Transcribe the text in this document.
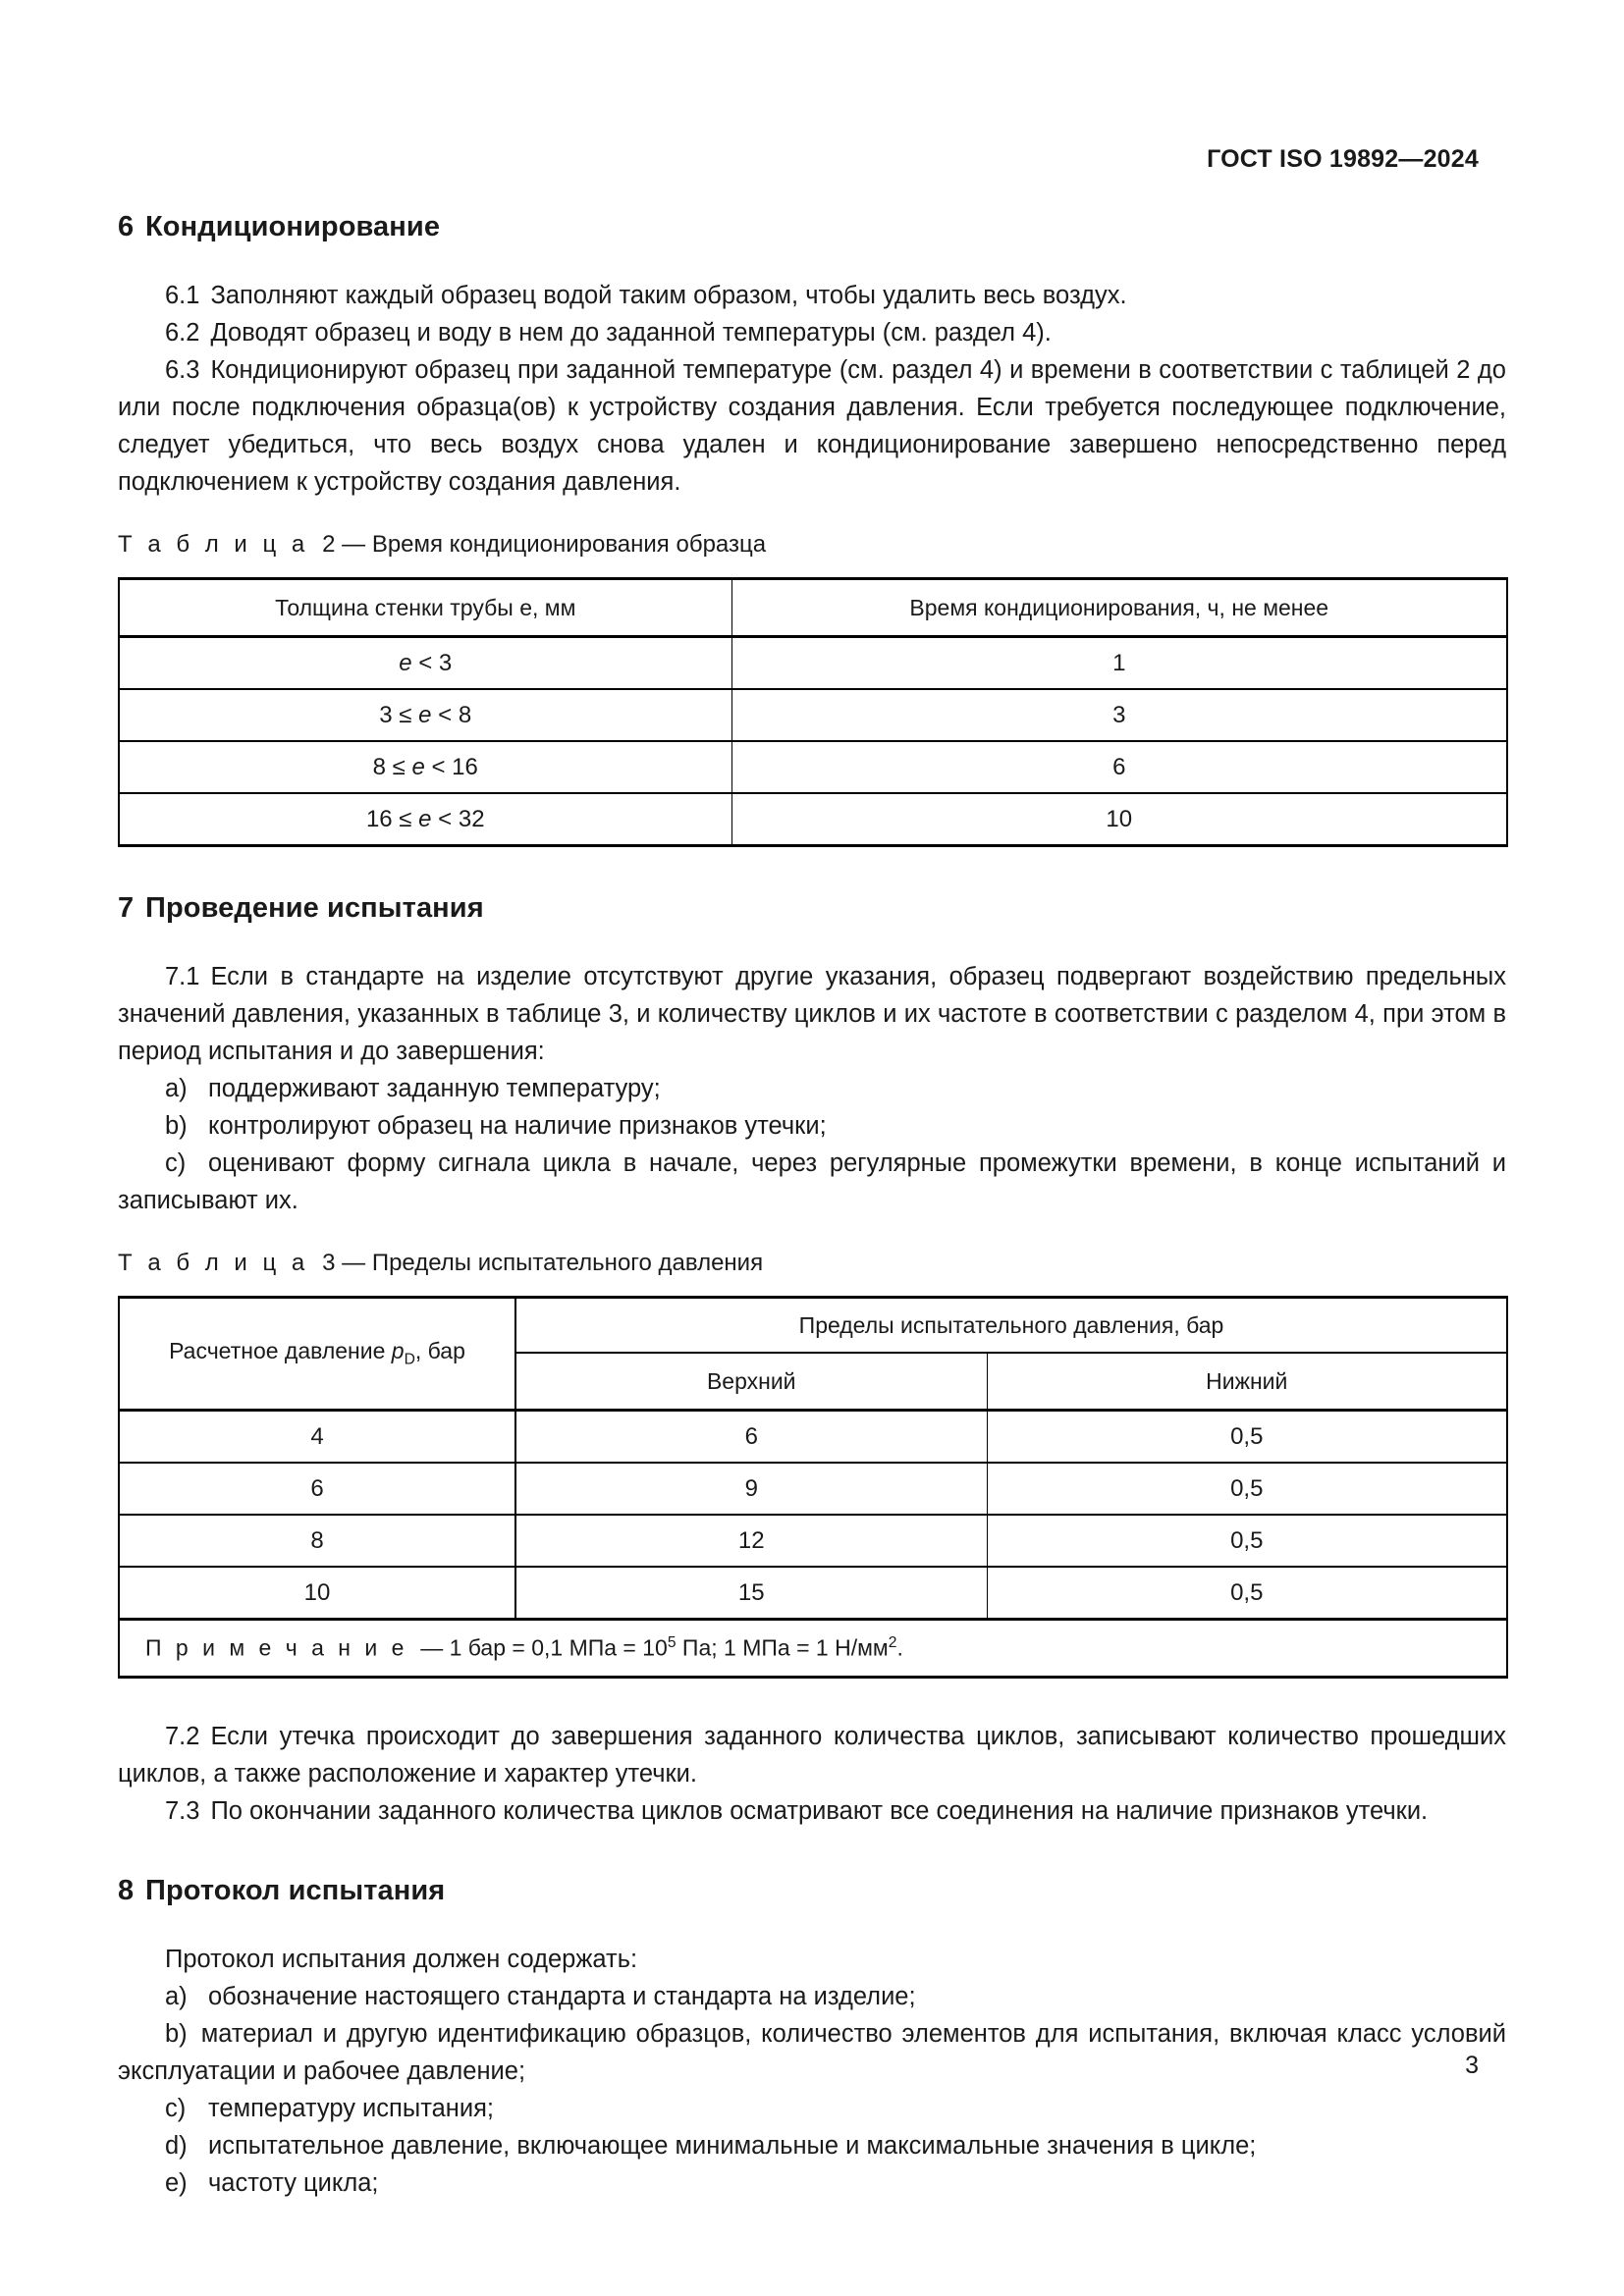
ГОСТ ISO 19892—2024
6 Кондиционирование

6.1 Заполняют каждый образец водой таким образом, чтобы удалить весь воздух.

6.2 Доводят образец и воду в нем до заданной температуры (см. раздел 4).

6.3 Кондиционируют образец при заданной температуре (см. раздел 4) и времени в соответствии с таблицей 2 до или после подключения образца(ов) к устройству создания давления. Если требуется последующее подключение, следует убедиться, что весь воздух снова удален и кондиционирование завершено непосредственно перед подключением к устройству создания давления.

Т а б л и ц а 2 — Время кондиционирования образца

Толщина стенки трубы e, мм	Время кондиционирования, ч, не менее
e < 3	1
3 ≤ e < 8	3
8 ≤ e < 16	6
16 ≤ e < 32	10
7 Проведение испытания

7.1 Если в стандарте на изделие отсутствуют другие указания, образец подвергают воздействию предельных значений давления, указанных в таблице 3, и количеству циклов и их частоте в соответствии с разделом 4, при этом в период испытания и до завершения:

a) поддерживают заданную температуру;

b) контролируют образец на наличие признаков утечки;

c) оценивают форму сигнала цикла в начале, через регулярные промежутки времени, в конце испытаний и записывают их.

Т а б л и ц а 3 — Пределы испытательного давления

Расчетное давление $p_D$, бар	Пределы испытательного давления, бар	
	Верхний	Нижний
4	6	0,5
6	9	0,5
8	12	0,5
10	15	0,5
П р и м е ч а н и е — 1 бар = 0,1 МПа = $10^5$ Па; 1 МПа = 1 $Н/мм^2$.		

7.2 Если утечка происходит до завершения заданного количества циклов, записывают количество прошедших циклов, а также расположение и характер утечки.

7.3 По окончании заданного количества циклов осматривают все соединения на наличие признаков утечки.

8 Протокол испытания

Протокол испытания должен содержать:

a) обозначение настоящего стандарта и стандарта на изделие;

b) материал и другую идентификацию образцов, количество элементов для испытания, включая класс условий эксплуатации и рабочее давление;

c) температуру испытания;

d) испытательное давление, включающее минимальные и максимальные значения в цикле;

e) частоту цикла;

3
